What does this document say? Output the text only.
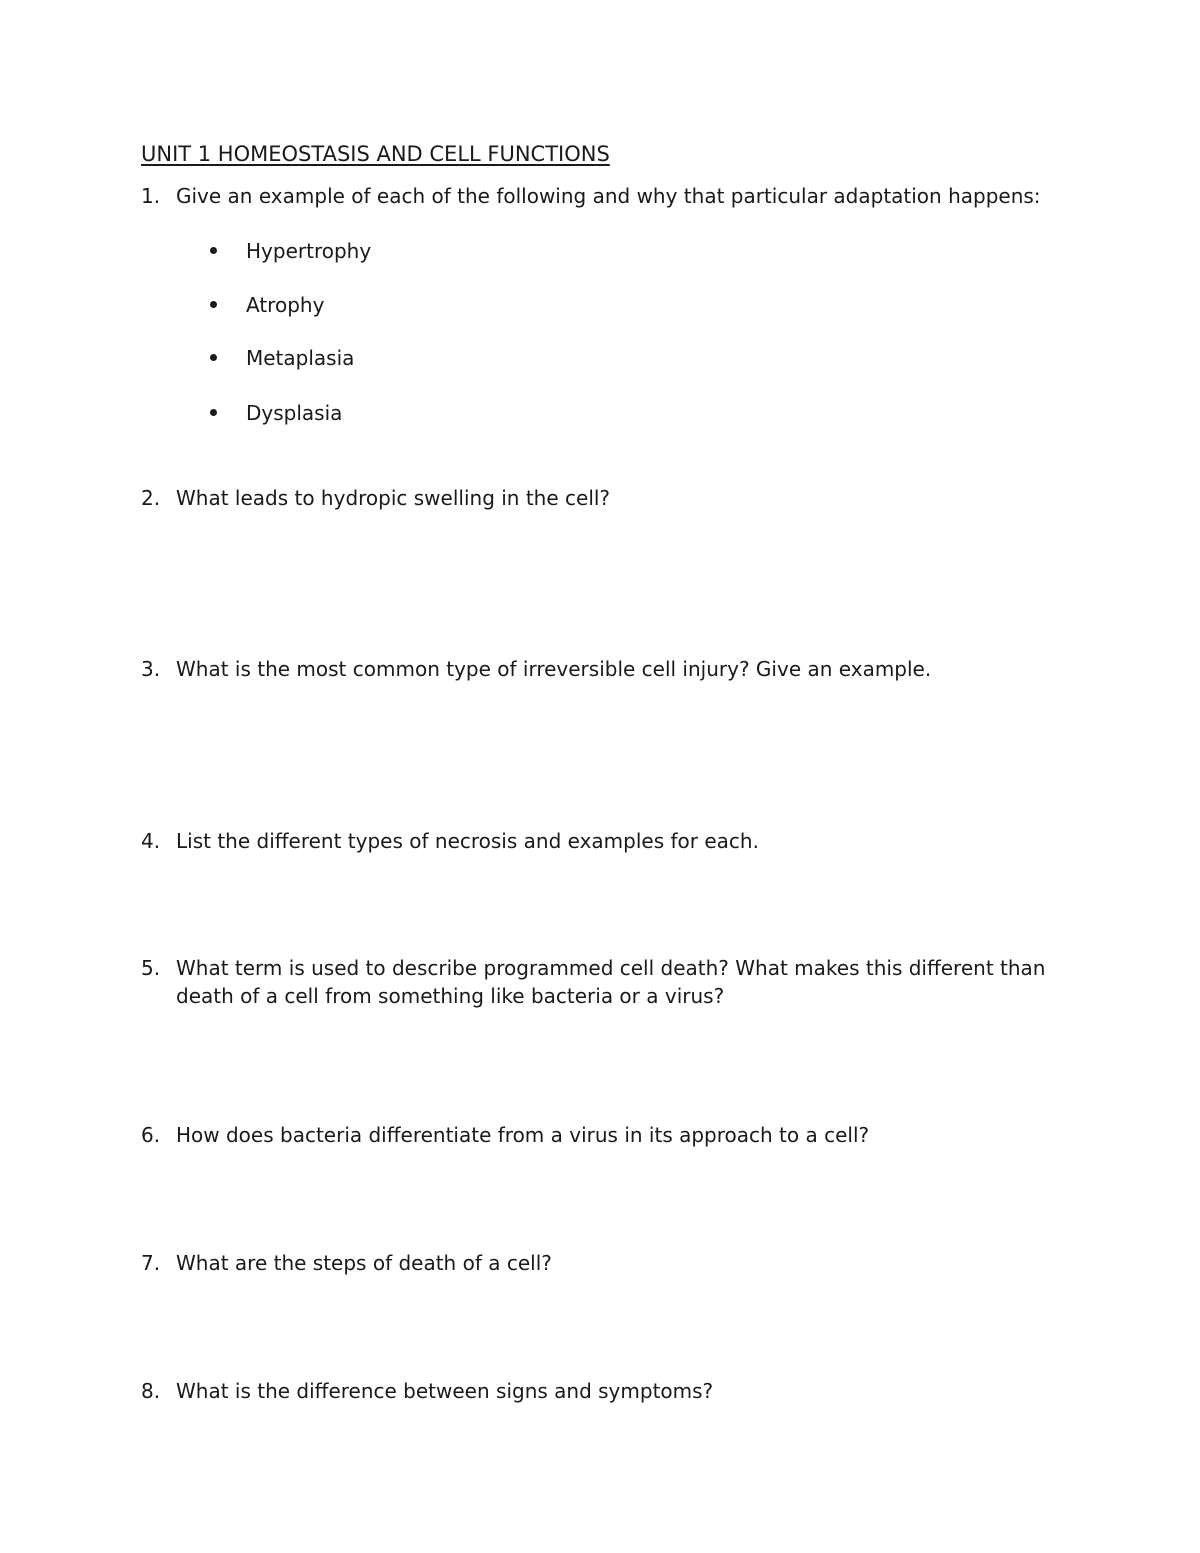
UNIT 1 HOMEOSTASIS AND CELL FUNCTIONS
1. Give an example of each of the following and why that particular adaptation happens:
Hypertrophy
Atrophy
Metaplasia
Dysplasia
2. What leads to hydropic swelling in the cell?
3. What is the most common type of irreversible cell injury? Give an example.
4. List the different types of necrosis and examples for each.
5. What term is used to describe programmed cell death? What makes this different than death of a cell from something like bacteria or a virus?
6. How does bacteria differentiate from a virus in its approach to a cell?
7. What are the steps of death of a cell?
8. What is the difference between signs and symptoms?
